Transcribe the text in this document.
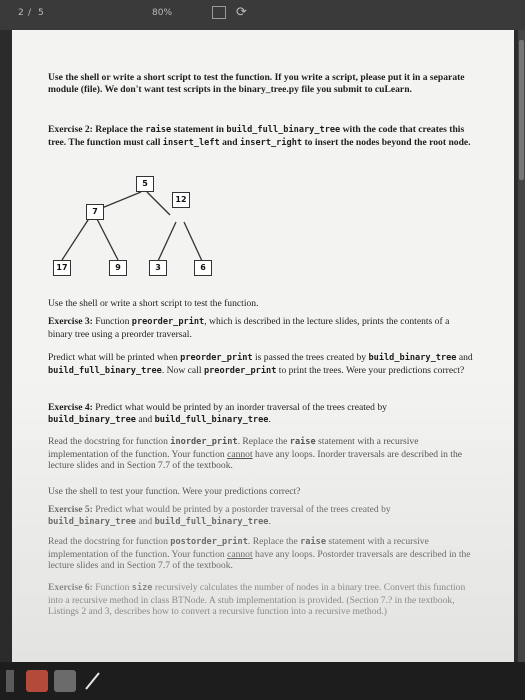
2 / 5	80%	⟳

Use the shell or write a short script to test the function. If you write a script, please put it in a separate module (file). We don't want test scripts in the binary_tree.py file you submit to cuLearn.

Exercise 2: Replace the raise statement in build_full_binary_tree with the code that creates this tree. The function must call insert_left and insert_right to insert the nodes beyond the root node.

5
7
12
17	9	3	6

Use the shell or write a short script to test the function.

Exercise 3: Function preorder_print, which is described in the lecture slides, prints the contents of a binary tree using a preorder traversal.

Predict what will be printed when preorder_print is passed the trees created by build_binary_tree and build_full_binary_tree. Now call preorder_print to print the trees. Were your predictions correct?

Exercise 4: Predict what would be printed by an inorder traversal of the trees created by build_binary_tree and build_full_binary_tree.

Read the docstring for function inorder_print. Replace the raise statement with a recursive implementation of the function. Your function cannot have any loops. Inorder traversals are described in the lecture slides and in Section 7.7 of the textbook.

Use the shell to test your function. Were your predictions correct?

Exercise 5: Predict what would be printed by a postorder traversal of the trees created by build_binary_tree and build_full_binary_tree.

Read the docstring for function postorder_print. Replace the raise statement with a recursive implementation of the function. Your function cannot have any loops. Postorder traversals are described in the lecture slides and in Section 7.7 of the textbook.

Exercise 6: Function size recursively calculates the number of nodes in a binary tree. Convert this function into a recursive method in class BTNode. A stub implementation is provided. (Section 7.? in the textbook, Listings 2 and 3, describes how to convert a recursive function into a recursive method.)
